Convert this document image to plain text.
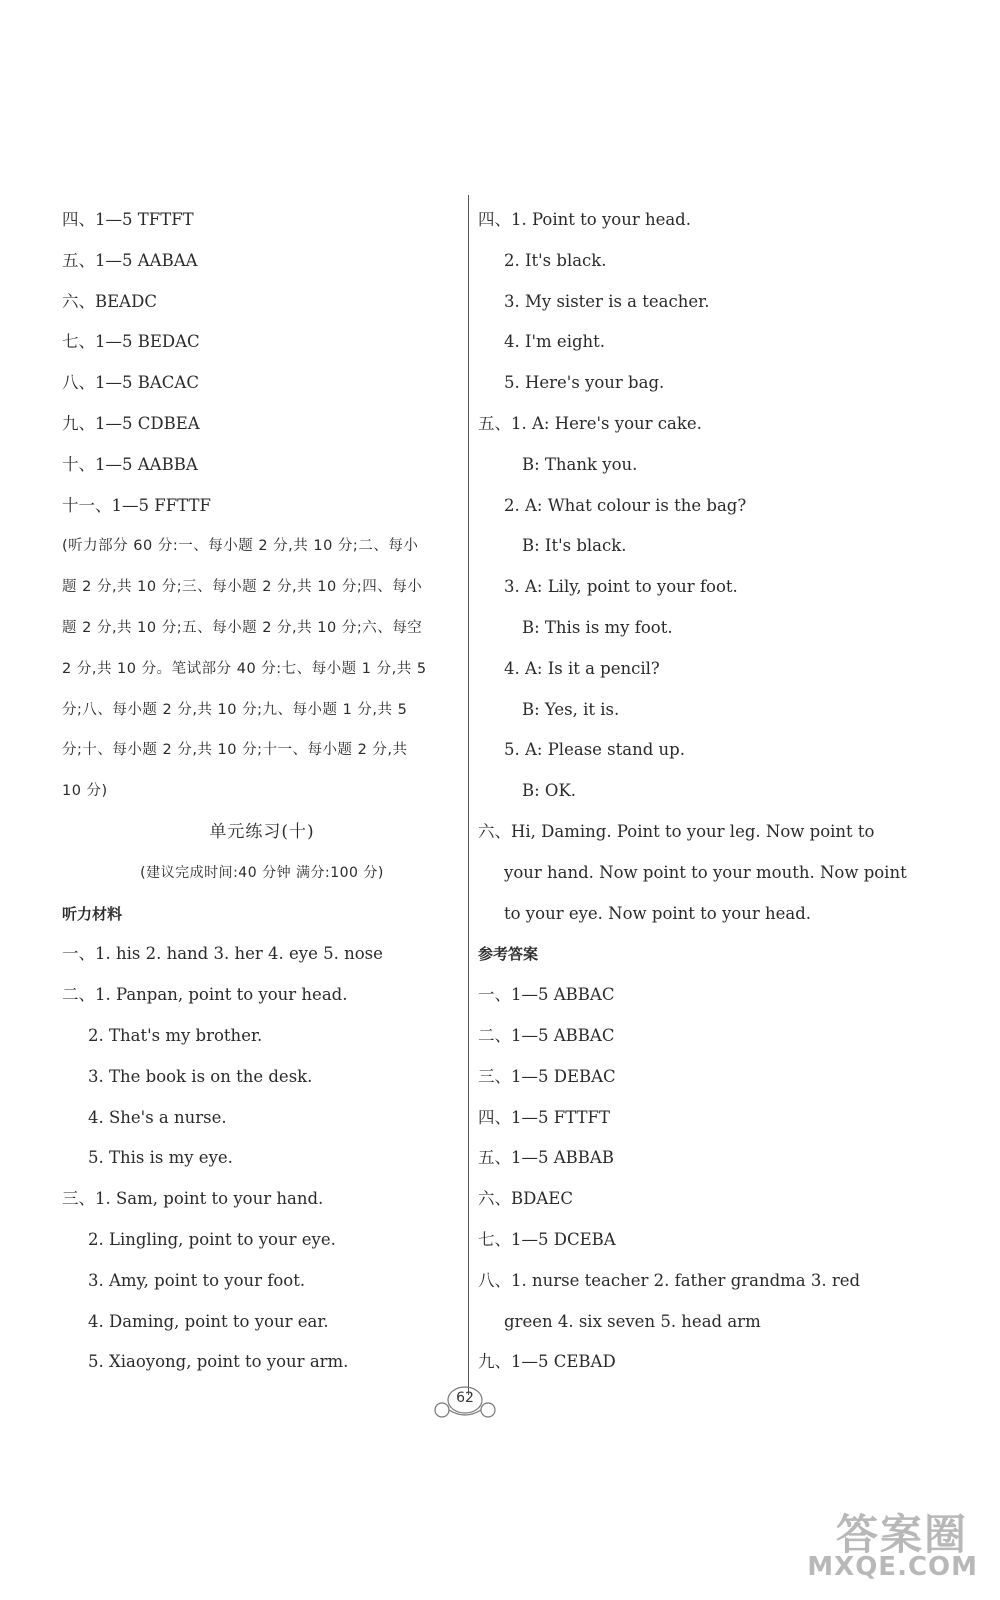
四、1—5 TFTFT
五、1—5 AABAA
六、BEADC
七、1—5 BEDAC
八、1—5 BACAC
九、1—5 CDBEA
十、1—5 AABBA
十一、1—5 FFTTF
(听力部分 60 分:一、每小题 2 分,共 10 分;二、每小
题 2 分,共 10 分;三、每小题 2 分,共 10 分;四、每小
题 2 分,共 10 分;五、每小题 2 分,共 10 分;六、每空
2 分,共 10 分。笔试部分 40 分:七、每小题 1 分,共 5
分;八、每小题 2 分,共 10 分;九、每小题 1 分,共 5
分;十、每小题 2 分,共 10 分;十一、每小题 2 分,共
10 分)
单元练习(十)
(建议完成时间:40 分钟 满分:100 分)
听力材料
一、1. his 2. hand 3. her 4. eye 5. nose
二、1. Panpan, point to your head.
2. That's my brother.
3. The book is on the desk.
4. She's a nurse.
5. This is my eye.
三、1. Sam, point to your hand.
2. Lingling, point to your eye.
3. Amy, point to your foot.
4. Daming, point to your ear.
5. Xiaoyong, point to your arm.
四、1. Point to your head.
2. It's black.
3. My sister is a teacher.
4. I'm eight.
5. Here's your bag.
五、1. A: Here's your cake.
B: Thank you.
2. A: What colour is the bag?
B: It's black.
3. A: Lily, point to your foot.
B: This is my foot.
4. A: Is it a pencil?
B: Yes, it is.
5. A: Please stand up.
B: OK.
六、Hi, Daming. Point to your leg. Now point to
your hand. Now point to your mouth. Now point
to your eye. Now point to your head.
参考答案
一、1—5 ABBAC
二、1—5 ABBAC
三、1—5 DEBAC
四、1—5 FTTFT
五、1—5 ABBAB
六、BDAEC
七、1—5 DCEBA
八、1. nurse teacher 2. father grandma 3. red
green 4. six seven 5. head arm
九、1—5 CEBAD
62
答案圈
MXQE.COM
